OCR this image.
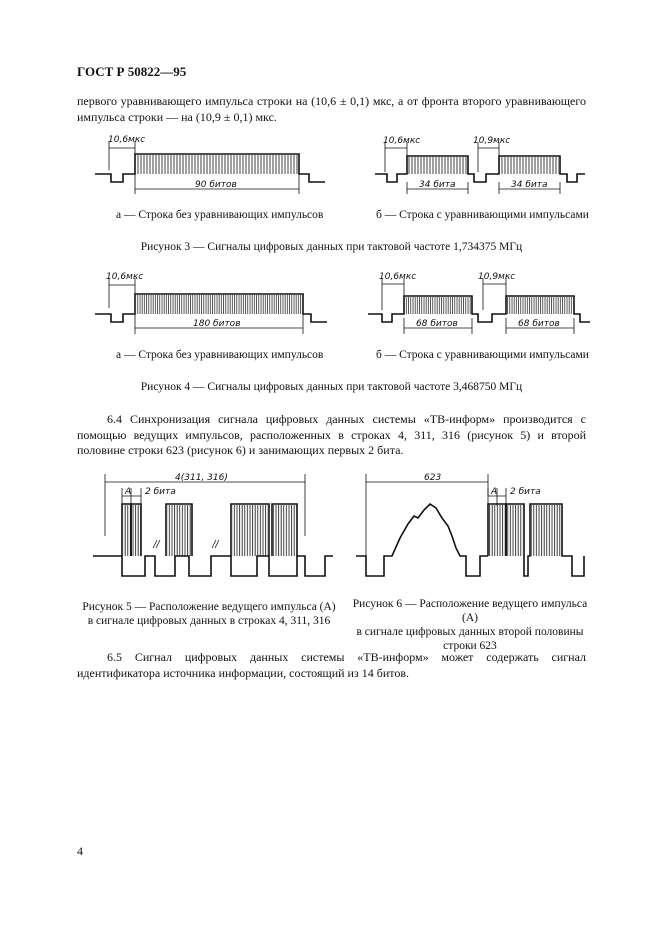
ГОСТ Р 50822—95
первого уравнивающего импульса строки на (10,6 ± 0,1) мкс, а от фронта второго уравнивающего импульса строки — на (10,9 ± 0,1) мкс.
10,6мкс
90 битов
10,6мкс	10,9мкс
34 бита	34 бита
а — Строка без уравнивающих импульсов	б — Строка с уравнивающими импульсами
Рисунок 3 — Сигналы цифровых данных при тактовой частоте 1,734375 МГц
10,6мкс
180 битов
10,6мкс	10,9мкс
68 битов	68 битов
а — Строка без уравнивающих импульсов	б — Строка с уравнивающими импульсами
Рисунок 4 — Сигналы цифровых данных при тактовой частоте 3,468750 МГц
6.4 Синхронизация сигнала цифровых данных системы «ТВ-информ» производится с помощью ведущих импульсов, расположенных в строках 4, 311, 316 (рисунок 5) и второй половине строки 623 (рисунок 6) и занимающих первых 2 бита.
4(311, 316)
A 2 бита
623
A 2 бита
Рисунок 5 — Расположение ведущего импульса (А)
в сигнале цифровых данных в строках 4, 311, 316
Рисунок 6 — Расположение ведущего импульса (А)
в сигнале цифровых данных второй половины
строки 623
6.5 Сигнал цифровых данных системы «ТВ-информ» может содержать сигнал идентификатора источника информации, состоящий из 14 битов.
4
